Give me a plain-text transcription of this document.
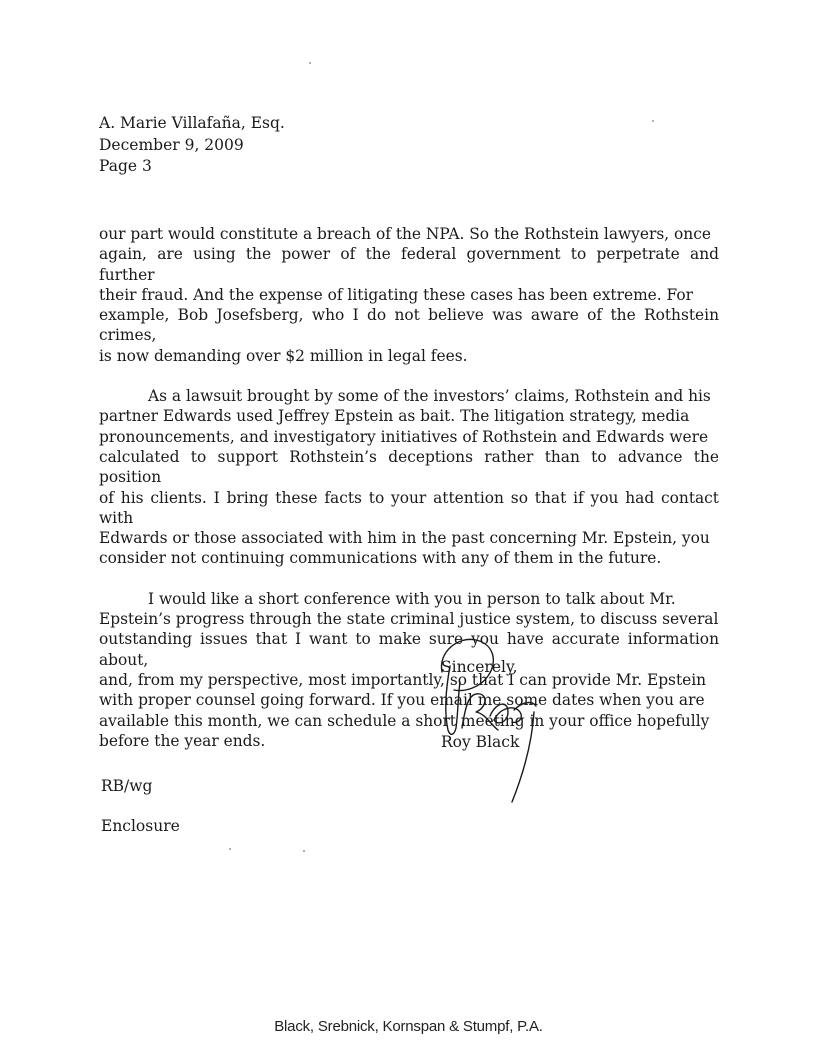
A. Marie Villafaña, Esq.
December 9, 2009
Page 3

our part would constitute a breach of the NPA. So the Rothstein lawyers, once
again, are using the power of the federal government to perpetrate and further
their fraud. And the expense of litigating these cases has been extreme. For
example, Bob Josefsberg, who I do not believe was aware of the Rothstein crimes,
is now demanding over $2 million in legal fees.

As a lawsuit brought by some of the investors’ claims, Rothstein and his
partner Edwards used Jeffrey Epstein as bait. The litigation strategy, media
pronouncements, and investigatory initiatives of Rothstein and Edwards were
calculated to support Rothstein’s deceptions rather than to advance the position
of his clients. I bring these facts to your attention so that if you had contact with
Edwards or those associated with him in the past concerning Mr. Epstein, you
consider not continuing communications with any of them in the future.

I would like a short conference with you in person to talk about Mr.
Epstein’s progress through the state criminal justice system, to discuss several
outstanding issues that I want to make sure you have accurate information about,
and, from my perspective, most importantly, so that I can provide Mr. Epstein
with proper counsel going forward. If you email me some dates when you are
available this month, we can schedule a short meeting in your office hopefully
before the year ends.

Sincerely,
Roy Black
RB/wg
Enclosure
Black, Srebnick, Kornspan & Stumpf, P.A.
